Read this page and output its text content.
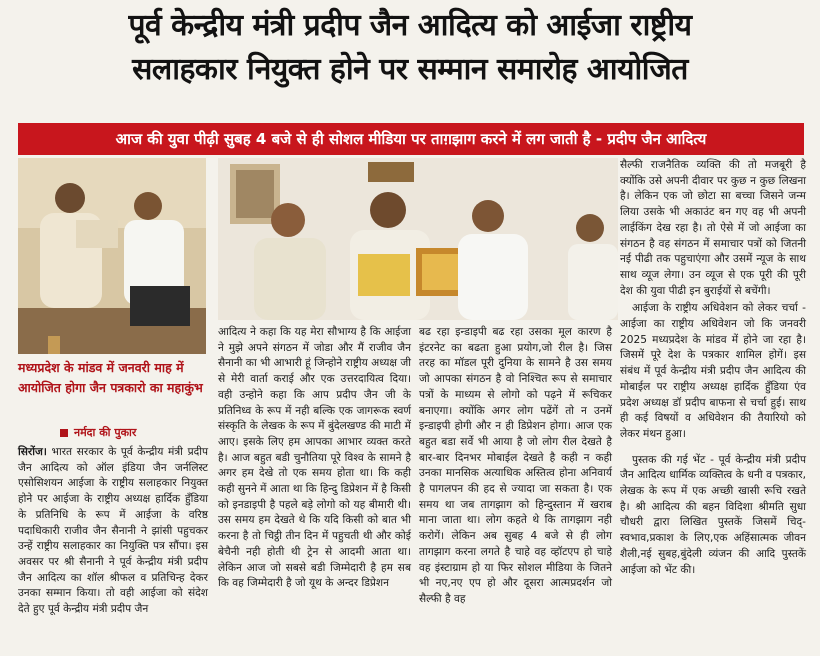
पूर्व केन्द्रीय मंत्री प्रदीप जैन आदित्य को आईजा राष्ट्रीय
सलाहकार नियुक्त होने पर सम्मान समारोह आयोजित
आज की युवा पीढ़ी सुबह 4 बजे से ही सोशल मीडिया पर ताग़झाग करने में लग जाती है - प्रदीप जैन आदित्य
मध्यप्रदेश के मांडव में जनवरी माह में आयोजित होगा जैन पत्रकारो का महाकुंभ
नर्मदा की पुकार

सिरोंज। भारत सरकार के पूर्व केन्द्रीय मंत्री प्रदीप जैन आदित्य को ऑल इंडिया जैन जर्नलिस्ट एसोसिशयन आईजा के राष्ट्रीय सलाहकार नियुक्त होने पर आईजा के राष्ट्रीय अध्यक्ष हार्दिक हुँडिया के प्रतिनिधि के रूप में आईजा के वरिष्ठ पदाधिकारी राजीव जैन सैनानी ने झांसी पहुचकर उन्हें राष्ट्रीय सलाहकार का नियुक्ति पत्र सौंपा। इस अवसर पर श्री सैनानी ने पूर्व केन्द्रीय मंत्री प्रदीप जैन आदित्य का शॉल श्रीफल व प्रतिचिन्ह देकर उनका सम्मान किया। तो वही आईजा को संदेश देते हुए पूर्व केन्द्रीय मंत्री प्रदीप जैन

आदित्य ने कहा कि यह मेरा सौभाग्य है कि आईजा ने मुझे अपने संगठन में जोडा और मैं राजीव जैन सैनानी का भी आभारी हूं जिन्होने राष्ट्रीय अध्यक्ष जी से मेरी वार्ता कराई और एक उत्तरदायित्व दिया। वही उन्होने कहा कि आप प्रदीप जैन जी के प्रतिनिध्व के रूप में नही बल्कि एक जागरूक स्वर्ण संस्कृति के लेखक के रूप में बुंदेलखण्ड की माटी में आए। इसके लिए हम आपका आभार व्यक्त करते है। आज बहुत बडी चुनौतिया पूरे विश्व के सामने है अगर हम देखे तो एक समय होता था। कि कही कही सुनने में आता था कि हिन्दु डिप्रेशन में है किसी को इनडाइपी है पहले बड़े लोगो को यह बीमारी थी। उस समय हम देखते थे कि यदि किसी को बात भी करना है तो चिट्ठी तीन दिन में पहुचती थी और कोई बेचैनी नही होती थी ट्रेन से आदमी आता था। लेकिन आज जो सबसे बडी जिम्मेदारी है हम सब कि वह जिम्मेदारी है जो यूथ के अन्दर डिप्रेशन

बढ रहा इन्डाइपी बढ रहा उसका मूल कारण है इंटरनेट का बढता हुआ प्रयोग,जो रील है। जिस तरह का मॉडल पूरी दुनिया के सामने है उस समय जो आपका संगठन है वो निश्चित रूप से समाचार पत्रों के माध्यम से लोगो को पढ़ने में रूचिकर बनाएगा। क्योंकि अगर लोग पढेंगें तो न उनमें इन्डाइपी होगी और न ही डिप्रेशन होगा। आज एक बहुत बडा सर्वे भी आया है जो लोग रील देखते है बार-बार दिनभर मोबाईल देखते है कही न कही उनका मानसिक अत्याधिक अस्तित्व होना अनिवार्य है पागलपन की हद से ज्यादा जा सकता है। एक समय था जब तागझाग को हिन्दुस्तान में खराब माना जाता था। लोग कहते थे कि तागझाग नही करोगें। लेकिन अब सुबह 4 बजे से ही लोग तागझाग करना लगते है चाहे वह व्हॉटएप हो चाहे वह इंस्टाग्राम हो या फिर सोशल मीडिया के जितने भी नए,नए एप हो और दूसरा आत्मप्रदर्शन जो सैल्फी है वह

सैल्फी राजनैतिक व्यक्ति की तो मजबूरी है क्योंकि उसे अपनी दीवार पर कुछ न कुछ लिखना है। लेकिन एक जो छोटा सा बच्चा जिसने जन्म लिया उसके भी अकाउंट बन गए वह भी अपनी लाईकिंग देख रहा है। तो ऐसे में जो आईजा का संगठन है वह संगठन में समाचार पत्रों को जितनी नई पीढी तक पहुचाएंगा और उसमें न्यूज के साथ साथ व्यूज लेगा। उन व्यूज से एक पूरी की पूरी देश की युवा पीढी इन बुराईयों से बचेंगी।

आईजा के राष्ट्रीय अधिवेशन को लेकर चर्चा - आईजा का राष्ट्रीय अधिवेशन जो कि जनवरी 2025 मध्यप्रदेश के मांडव में होने जा रहा है। जिसमें पूरे देश के पत्रकार शामिल होगें। इस संबंध में पूर्व केन्द्रीय मंत्री प्रदीप जैन आदित्य की मोबाईल पर राष्ट्रीय अध्यक्ष हार्दिक हुँडिया एंव प्रदेश अध्यक्ष डॉ प्रदीप बाफना से चर्चा हुई। साथ ही कई विषयों व अधिवेशन की तैयारियो को लेकर मंथन हुआ।

पुस्तक की गई भेंट - पूर्व केन्द्रीय मंत्री प्रदीप जैन आदित्य धार्मिक व्यक्तित्व के धनी व पत्रकार, लेखक के रूप में एक अच्छी खासी रूचि रखते है। श्री आदित्य की बहन विदिशा श्रीमति सुधा चौधरी द्वारा लिखित पुस्तकें जिसमें चिद्-स्वभाव,प्रकाश के लिए,एक अहिंसात्मक जीवन शैली,नई सुबह,बुंदेली व्यंजन की आदि पुस्तकें आईजा को भेंट की।
